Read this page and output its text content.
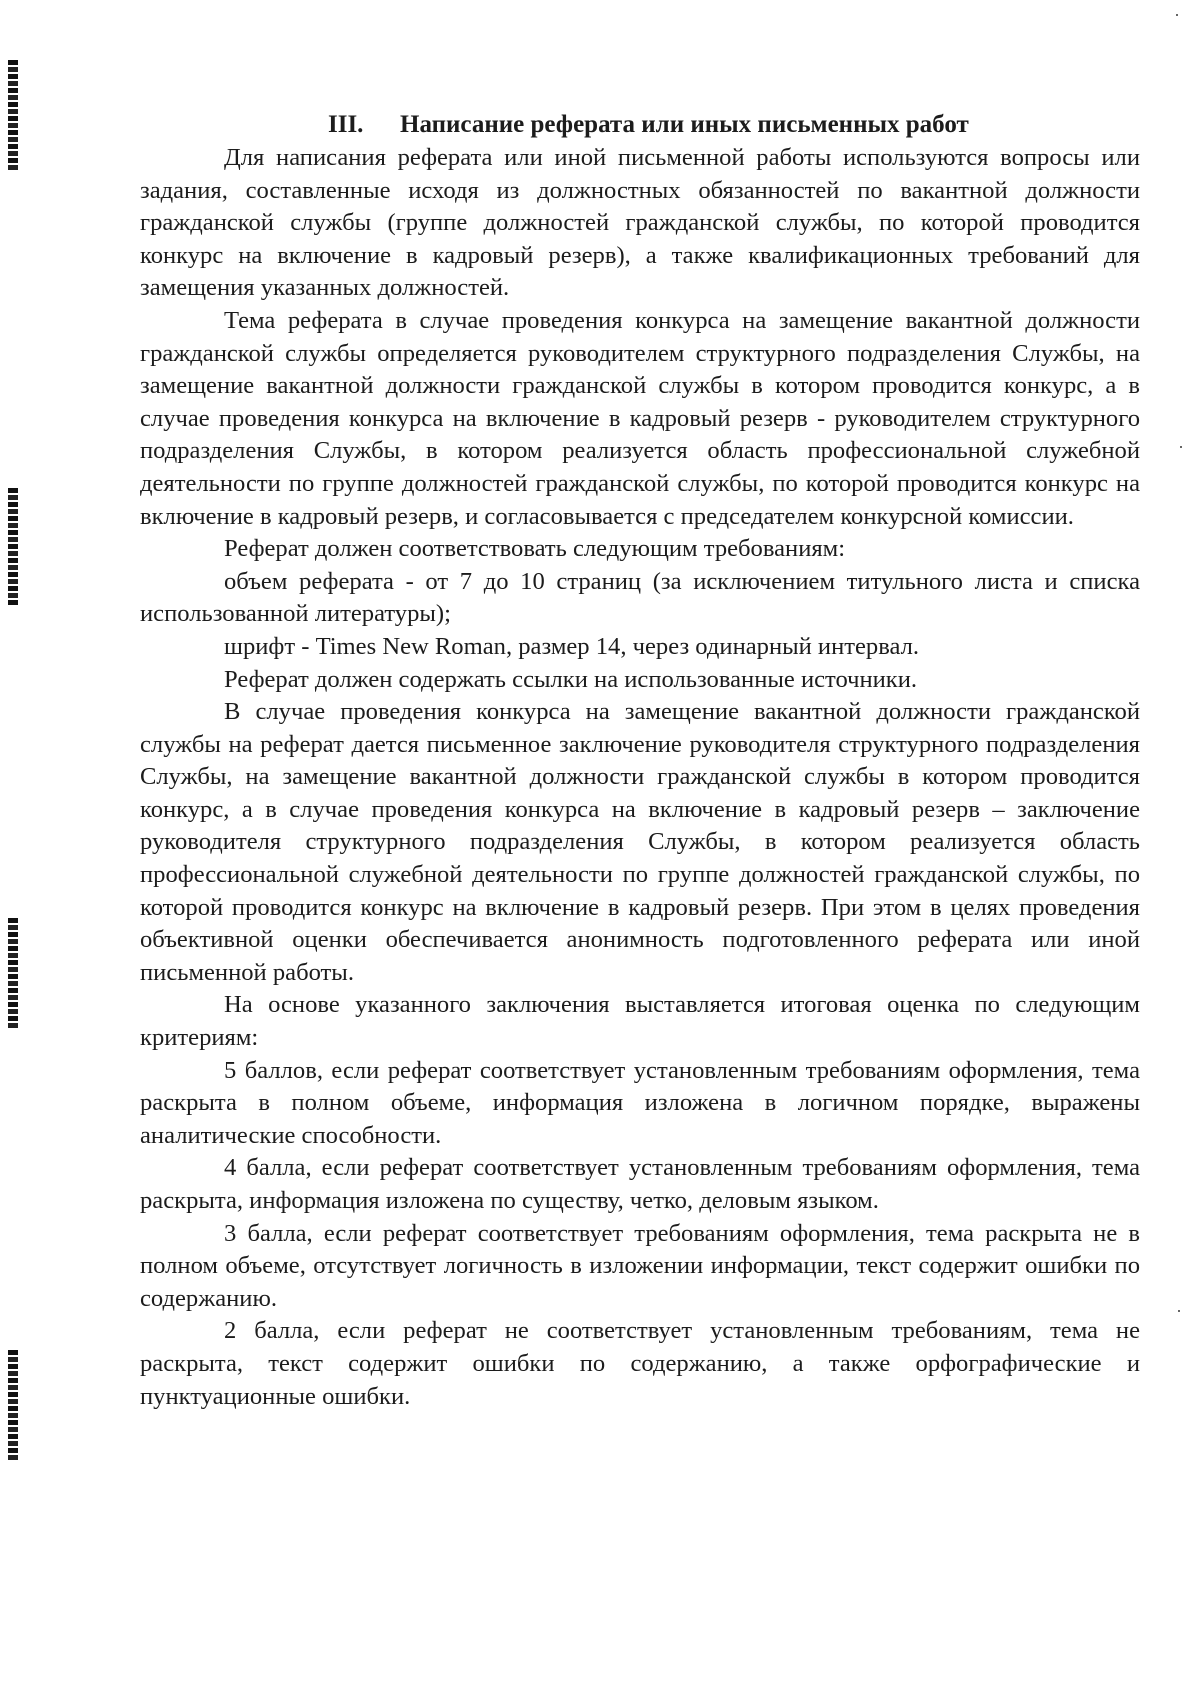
III. Написание реферата или иных письменных работ

Для написания реферата или иной письменной работы используются вопросы или задания, составленные исходя из должностных обязанностей по вакантной должности гражданской службы (группе должностей гражданской службы, по которой проводится конкурс на включение в кадровый резерв), а также квалификационных требований для замещения указанных должностей.

Тема реферата в случае проведения конкурса на замещение вакантной должности гражданской службы определяется руководителем структурного подразделения Службы, на замещение вакантной должности гражданской службы в котором проводится конкурс, а в случае проведения конкурса на включение в кадровый резерв - руководителем структурного подразделения Службы, в котором реализуется область профессиональной служебной деятельности по группе должностей гражданской службы, по которой проводится конкурс на включение в кадровый резерв, и согласовывается с председателем конкурсной комиссии.

Реферат должен соответствовать следующим требованиям:

объем реферата - от 7 до 10 страниц (за исключением титульного листа и списка использованной литературы);

шрифт - Times New Roman, размер 14, через одинарный интервал.

Реферат должен содержать ссылки на использованные источники.

В случае проведения конкурса на замещение вакантной должности гражданской службы на реферат дается письменное заключение руководителя структурного подразделения Службы, на замещение вакантной должности гражданской службы в котором проводится конкурс, а в случае проведения конкурса на включение в кадровый резерв – заключение руководителя структурного подразделения Службы, в котором реализуется область профессиональной служебной деятельности по группе должностей гражданской службы, по которой проводится конкурс на включение в кадровый резерв. При этом в целях проведения объективной оценки обеспечивается анонимность подготовленного реферата или иной письменной работы.

На основе указанного заключения выставляется итоговая оценка по следующим критериям:

5 баллов, если реферат соответствует установленным требованиям оформления, тема раскрыта в полном объеме, информация изложена в логичном порядке, выражены аналитические способности.

4 балла, если реферат соответствует установленным требованиям оформления, тема раскрыта, информация изложена по существу, четко, деловым языком.

3 балла, если реферат соответствует требованиям оформления, тема раскрыта не в полном объеме, отсутствует логичность в изложении информации, текст содержит ошибки по содержанию.

2 балла, если реферат не соответствует установленным требованиям, тема не раскрыта, текст содержит ошибки по содержанию, а также орфографические и пунктуационные ошибки.
